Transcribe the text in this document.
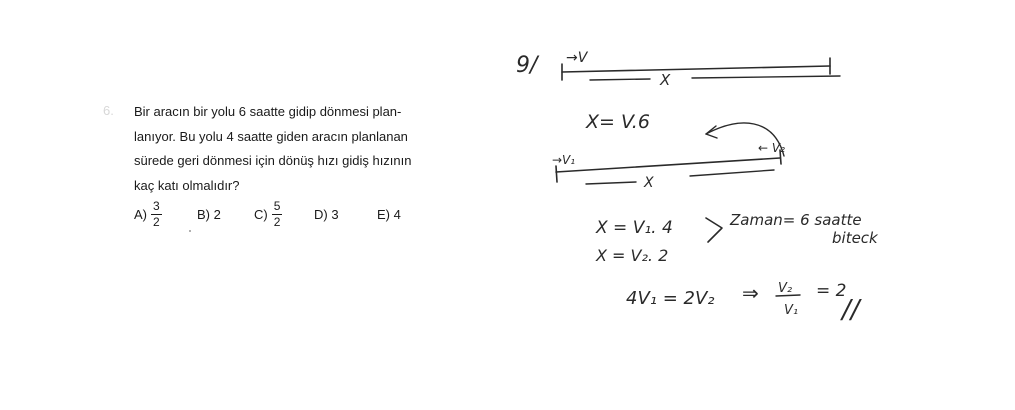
6. Bir aracın bir yolu 6 saatte gidip dönmesi plan-
lanıyor. Bu yolu 4 saatte giden aracın planlanan
sürede geri dönmesi için dönüş hızı gidiş hızının
kaç katı olmalıdır?
$A) \frac{3}{2}$	B) 2	$C) \frac{5}{2} D$) 3	E) 4
9/ →V
X
X= V.6
← V₂
→V₁
X
X = V₁. 4
X = V₂. 2
Zaman= 6 saatte
biteck
4V₁ = 2V₂ ⇒ V₂
V₁
= 2
//
